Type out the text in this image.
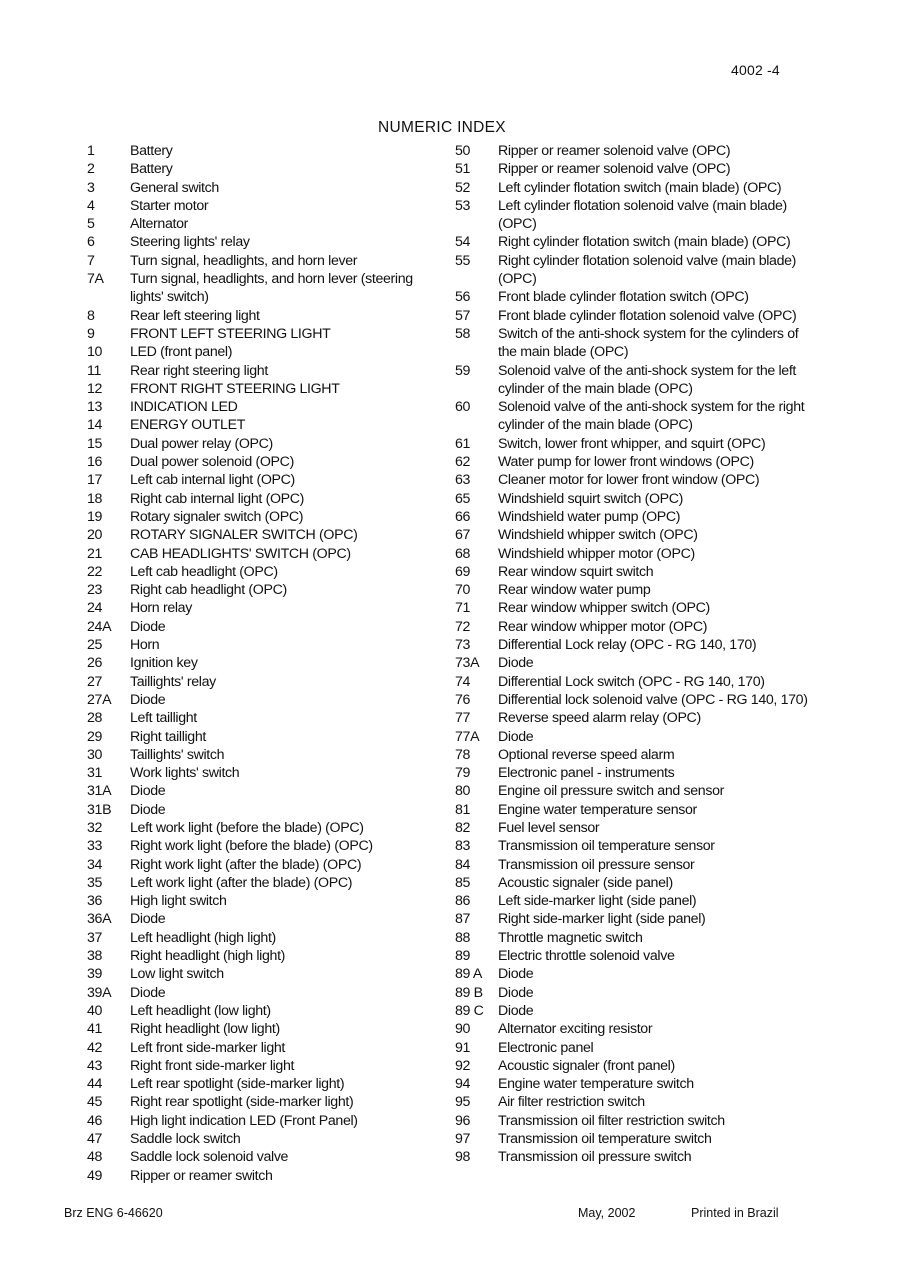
4002 -4
NUMERIC INDEX
1	Battery
2	Battery
3	General switch
4	Starter motor
5	Alternator
6	Steering lights' relay
7	Turn signal, headlights, and horn lever
7A	Turn signal, headlights, and horn lever (steering lights' switch)
8	Rear left steering light
9	FRONT LEFT STEERING LIGHT
10	LED (front panel)
11	Rear right steering light
12	FRONT RIGHT STEERING LIGHT
13	INDICATION LED
14	ENERGY OUTLET
15	Dual power relay (OPC)
16	Dual power solenoid (OPC)
17	Left cab internal light (OPC)
18	Right cab internal light (OPC)
19	Rotary signaler switch (OPC)
20	ROTARY SIGNALER SWITCH (OPC)
21	CAB HEADLIGHTS' SWITCH (OPC)
22	Left cab headlight (OPC)
23	Right cab headlight (OPC)
24	Horn relay
24A	Diode
25	Horn
26	Ignition key
27	Taillights' relay
27A	Diode
28	Left taillight
29	Right taillight
30	Taillights' switch
31	Work lights' switch
31A	Diode
31B	Diode
32	Left work light (before the blade) (OPC)
33	Right work light (before the blade) (OPC)
34	Right work light (after the blade) (OPC)
35	Left work light (after the blade) (OPC)
36	High light switch
36A	Diode
37	Left headlight (high light)
38	Right headlight (high light)
39	Low light switch
39A	Diode
40	Left headlight (low light)
41	Right headlight (low light)
42	Left front side-marker light
43	Right front side-marker light
44	Left rear spotlight (side-marker light)
45	Right rear spotlight (side-marker light)
46	High light indication LED (Front Panel)
47	Saddle lock switch
48	Saddle lock solenoid valve
49	Ripper or reamer switch
50	Ripper or reamer solenoid valve (OPC)
51	Ripper or reamer solenoid valve (OPC)
52	Left cylinder flotation switch (main blade) (OPC)
53	Left cylinder flotation solenoid valve (main blade) (OPC)
54	Right cylinder flotation switch (main blade) (OPC)
55	Right cylinder flotation solenoid valve (main blade) (OPC)
56	Front blade cylinder flotation switch (OPC)
57	Front blade cylinder flotation solenoid valve (OPC)
58	Switch of the anti-shock system for the cylinders of the main blade (OPC)
59	Solenoid valve of the anti-shock system for the left cylinder of the main blade (OPC)
60	Solenoid valve of the anti-shock system for the right cylinder of the main blade (OPC)
61	Switch, lower front whipper, and squirt (OPC)
62	Water pump for lower front windows (OPC)
63	Cleaner motor for lower front window (OPC)
65	Windshield squirt switch (OPC)
66	Windshield water pump (OPC)
67	Windshield whipper switch (OPC)
68	Windshield whipper motor (OPC)
69	Rear window squirt switch
70	Rear window water pump
71	Rear window whipper switch (OPC)
72	Rear window whipper motor (OPC)
73	Differential Lock relay (OPC - RG 140, 170)
73A	Diode
74	Differential Lock switch (OPC - RG 140, 170)
76	Differential lock solenoid valve (OPC - RG 140, 170)
77	Reverse speed alarm relay (OPC)
77A	Diode
78	Optional reverse speed alarm
79	Electronic panel - instruments
80	Engine oil pressure switch and sensor
81	Engine water temperature sensor
82	Fuel level sensor
83	Transmission oil temperature sensor
84	Transmission oil pressure sensor
85	Acoustic signaler (side panel)
86	Left side-marker light (side panel)
87	Right side-marker light (side panel)
88	Throttle magnetic switch
89	Electric throttle solenoid valve
89 A	Diode
89 B	Diode
89 C	Diode
90	Alternator exciting resistor
91	Electronic panel
92	Acoustic signaler (front panel)
94	Engine water temperature switch
95	Air filter restriction switch
96	Transmission oil filter restriction switch
97	Transmission oil temperature switch
98	Transmission oil pressure switch
Brz ENG 6-46620	May, 2002	Printed in Brazil
